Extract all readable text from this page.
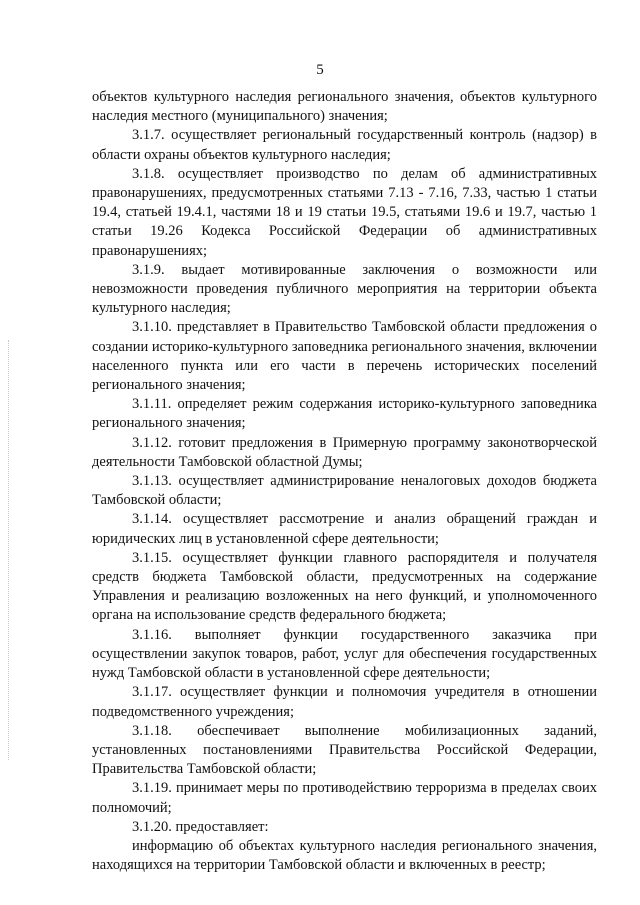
5

объектов культурного наследия регионального значения, объектов культурного наследия местного (муниципального) значения;

3.1.7. осуществляет региональный государственный контроль (надзор) в области охраны объектов культурного наследия;

3.1.8. осуществляет производство по делам об административных правонарушениях, предусмотренных статьями 7.13 - 7.16, 7.33, частью 1 статьи 19.4, статьей 19.4.1, частями 18 и 19 статьи 19.5, статьями 19.6 и 19.7, частью 1 статьи 19.26 Кодекса Российской Федерации об административных правонарушениях;

3.1.9. выдает мотивированные заключения о возможности или невозможности проведения публичного мероприятия на территории объекта культурного наследия;

3.1.10. представляет в Правительство Тамбовской области предложения о создании историко-культурного заповедника регионального значения, включении населенного пункта или его части в перечень исторических поселений регионального значения;

3.1.11. определяет режим содержания историко-культурного заповедника регионального значения;

3.1.12. готовит предложения в Примерную программу законотворческой деятельности Тамбовской областной Думы;

3.1.13. осуществляет администрирование неналоговых доходов бюджета Тамбовской области;

3.1.14. осуществляет рассмотрение и анализ обращений граждан и юридических лиц в установленной сфере деятельности;

3.1.15. осуществляет функции главного распорядителя и получателя средств бюджета Тамбовской области, предусмотренных на содержание Управления и реализацию возложенных на него функций, и уполномоченного органа на использование средств федерального бюджета;

3.1.16. выполняет функции государственного заказчика при осуществлении закупок товаров, работ, услуг для обеспечения государственных нужд Тамбовской области в установленной сфере деятельности;

3.1.17. осуществляет функции и полномочия учредителя в отношении подведомственного учреждения;

3.1.18. обеспечивает выполнение мобилизационных заданий, установленных постановлениями Правительства Российской Федерации, Правительства Тамбовской области;

3.1.19. принимает меры по противодействию терроризма в пределах своих полномочий;

3.1.20. предоставляет:

информацию об объектах культурного наследия регионального значения, находящихся на территории Тамбовской области и включенных в реестр;
